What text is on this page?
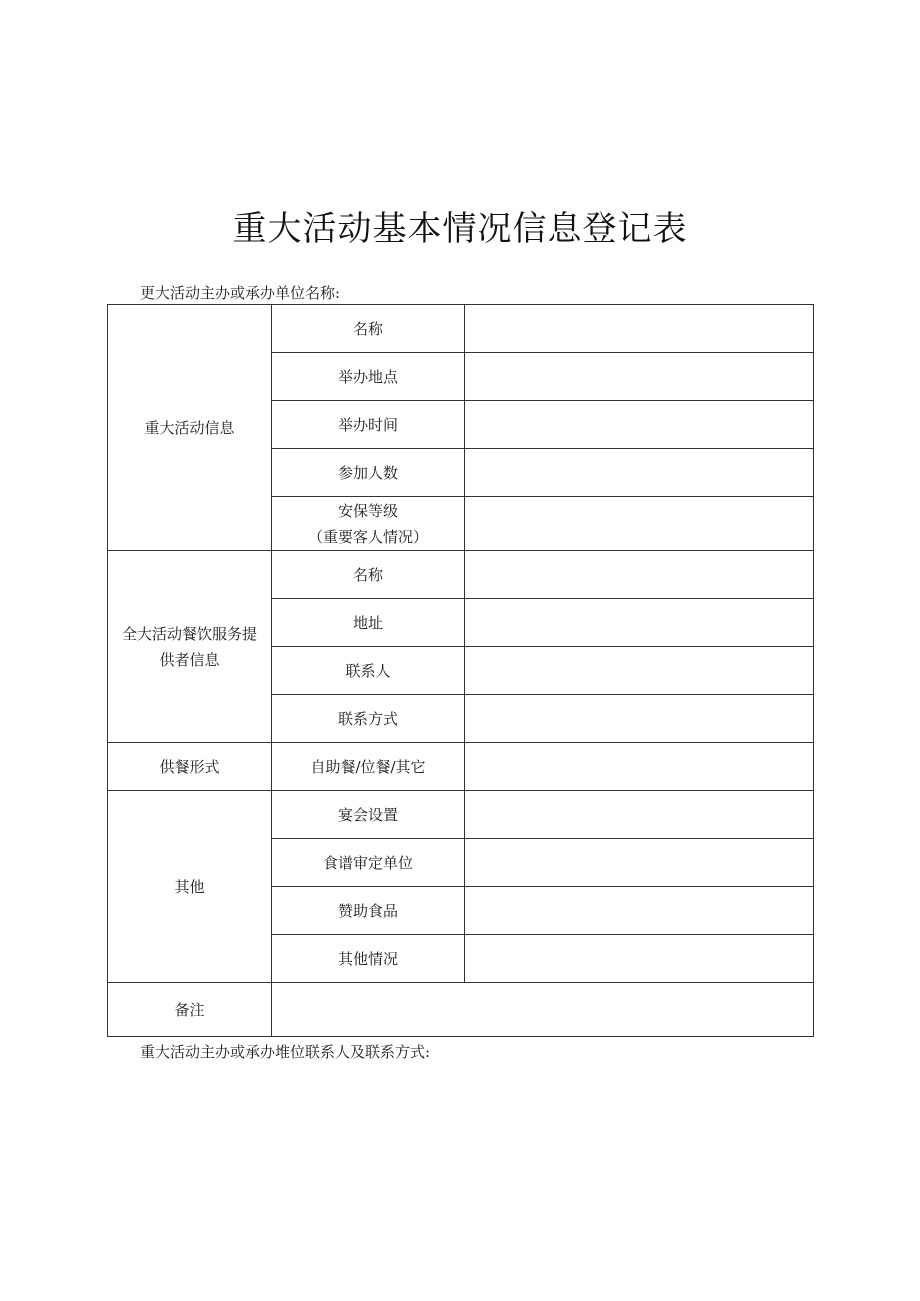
重大活动基本情况信息登记表
更大活动主办或承办单位名称:
重大活动信息	名称	
	举办地点	
	举办时间	
	参加人数	

	安保等级
（重要客人情况）	

全大活动餐饮服务提
供者信息	名称	
	地址	
	联系人	
	联系方式	
供餐形式	自助餐/位餐/其它	
其他	宴会设置	
	食谱审定单位	
	赞助食品	
	其他情况	
备注		
重大活动主办或承办堆位联系人及联系方式:
